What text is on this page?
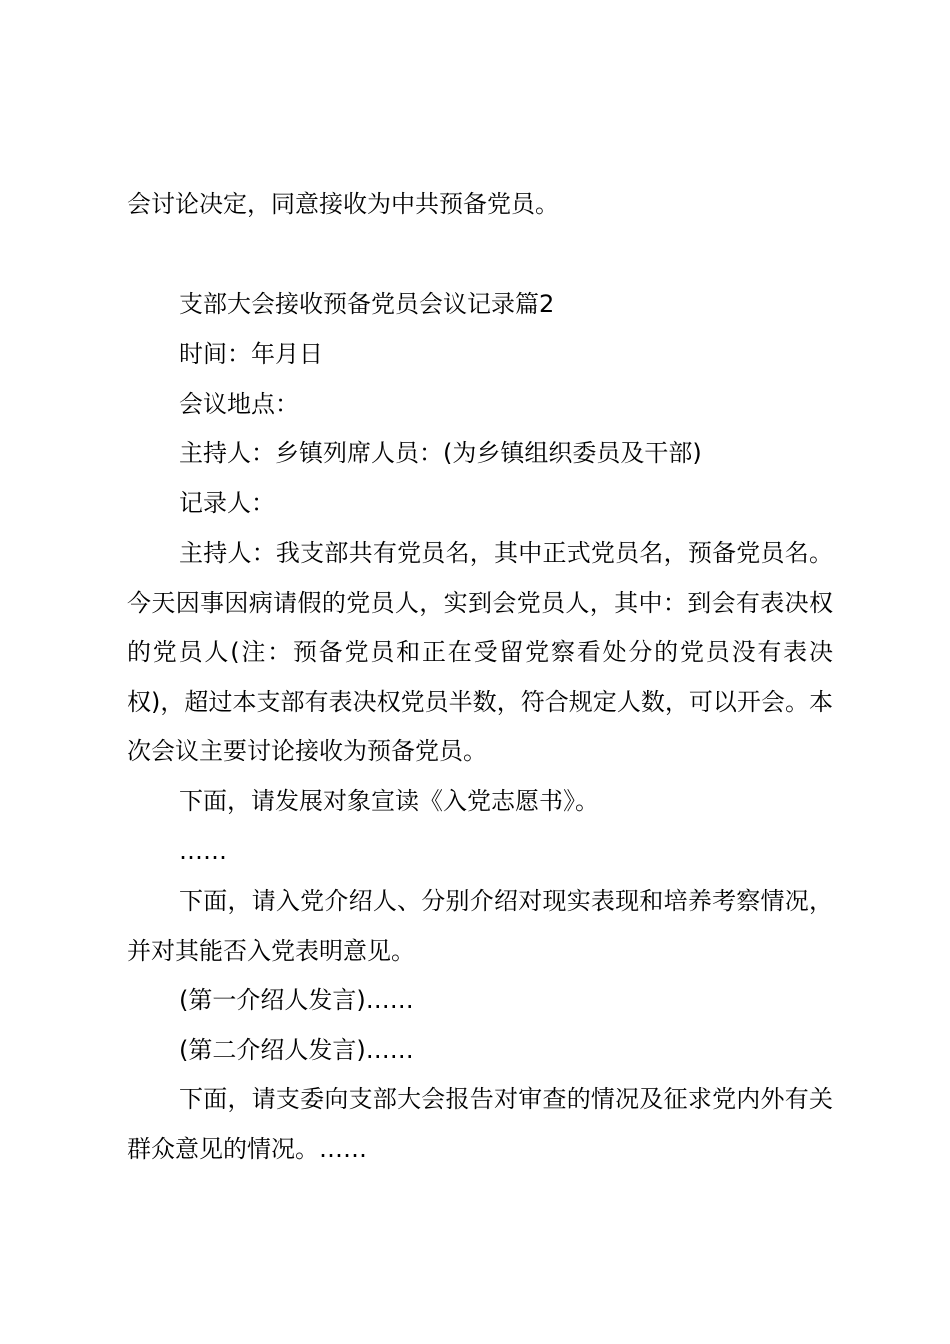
会讨论决定，同意接收为中共预备党员。

支部大会接收预备党员会议记录篇2

时间：年月日

会议地点：

主持人：乡镇列席人员：(为乡镇组织委员及干部)

记录人：

主持人：我支部共有党员名，其中正式党员名，预备党员名。今天因事因病请假的党员人，实到会党员人，其中：到会有表决权的党员人(注：预备党员和正在受留党察看处分的党员没有表决权)，超过本支部有表决权党员半数，符合规定人数，可以开会。本次会议主要讨论接收为预备党员。

下面，请发展对象宣读《入党志愿书》。

……

下面，请入党介绍人、分别介绍对现实表现和培养考察情况，并对其能否入党表明意见。

(第一介绍人发言)……

(第二介绍人发言)……

下面，请支委向支部大会报告对审查的情况及征求党内外有关群众意见的情况。……
